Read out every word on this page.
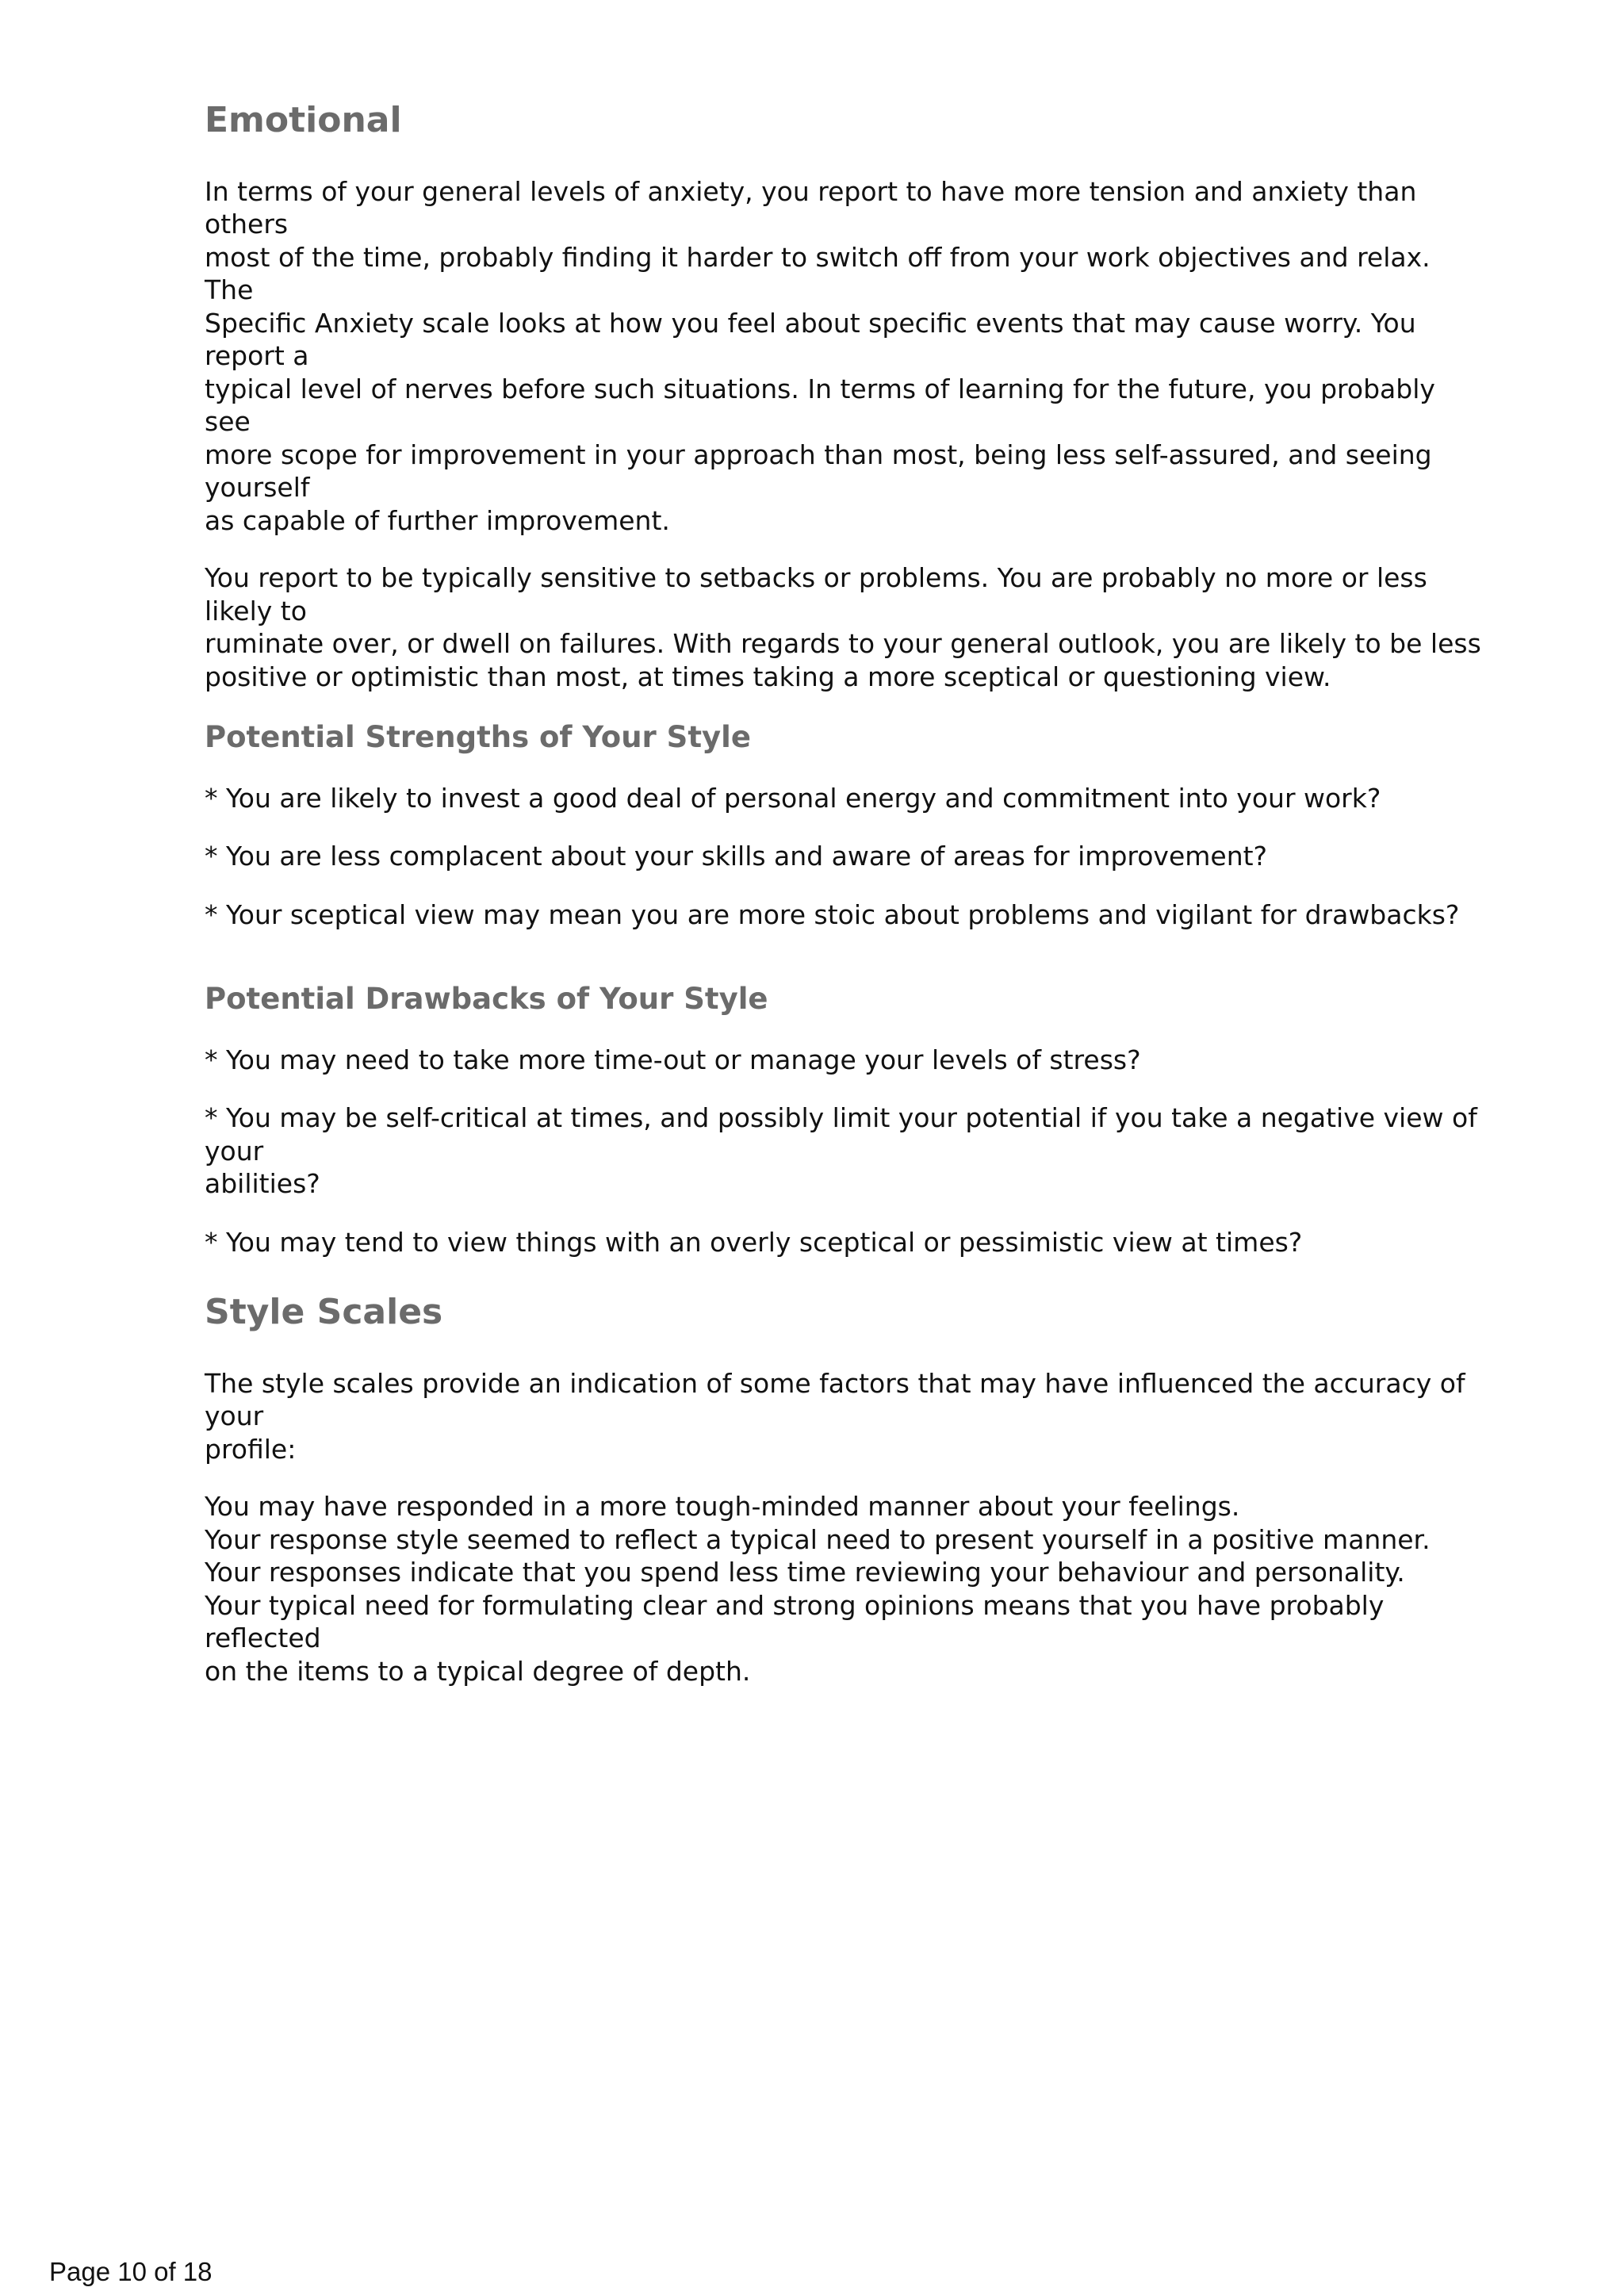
Emotional

In terms of your general levels of anxiety, you report to have more tension and anxiety than others
most of the time, probably finding it harder to switch off from your work objectives and relax. The
Specific Anxiety scale looks at how you feel about specific events that may cause worry. You report a
typical level of nerves before such situations. In terms of learning for the future, you probably see
more scope for improvement in your approach than most, being less self-assured, and seeing yourself
as capable of further improvement.

You report to be typically sensitive to setbacks or problems. You are probably no more or less likely to
ruminate over, or dwell on failures. With regards to your general outlook, you are likely to be less
positive or optimistic than most, at times taking a more sceptical or questioning view.

Potential Strengths of Your Style

* You are likely to invest a good deal of personal energy and commitment into your work?

* You are less complacent about your skills and aware of areas for improvement?

* Your sceptical view may mean you are more stoic about problems and vigilant for drawbacks?

Potential Drawbacks of Your Style

* You may need to take more time-out or manage your levels of stress?

* You may be self-critical at times, and possibly limit your potential if you take a negative view of your
abilities?

* You may tend to view things with an overly sceptical or pessimistic view at times?

Style Scales

The style scales provide an indication of some factors that may have influenced the accuracy of your
profile:

You may have responded in a more tough-minded manner about your feelings.
Your response style seemed to reflect a typical need to present yourself in a positive manner.
Your responses indicate that you spend less time reviewing your behaviour and personality.
Your typical need for formulating clear and strong opinions means that you have probably reflected
on the items to a typical degree of depth.

Page 10 of 18
